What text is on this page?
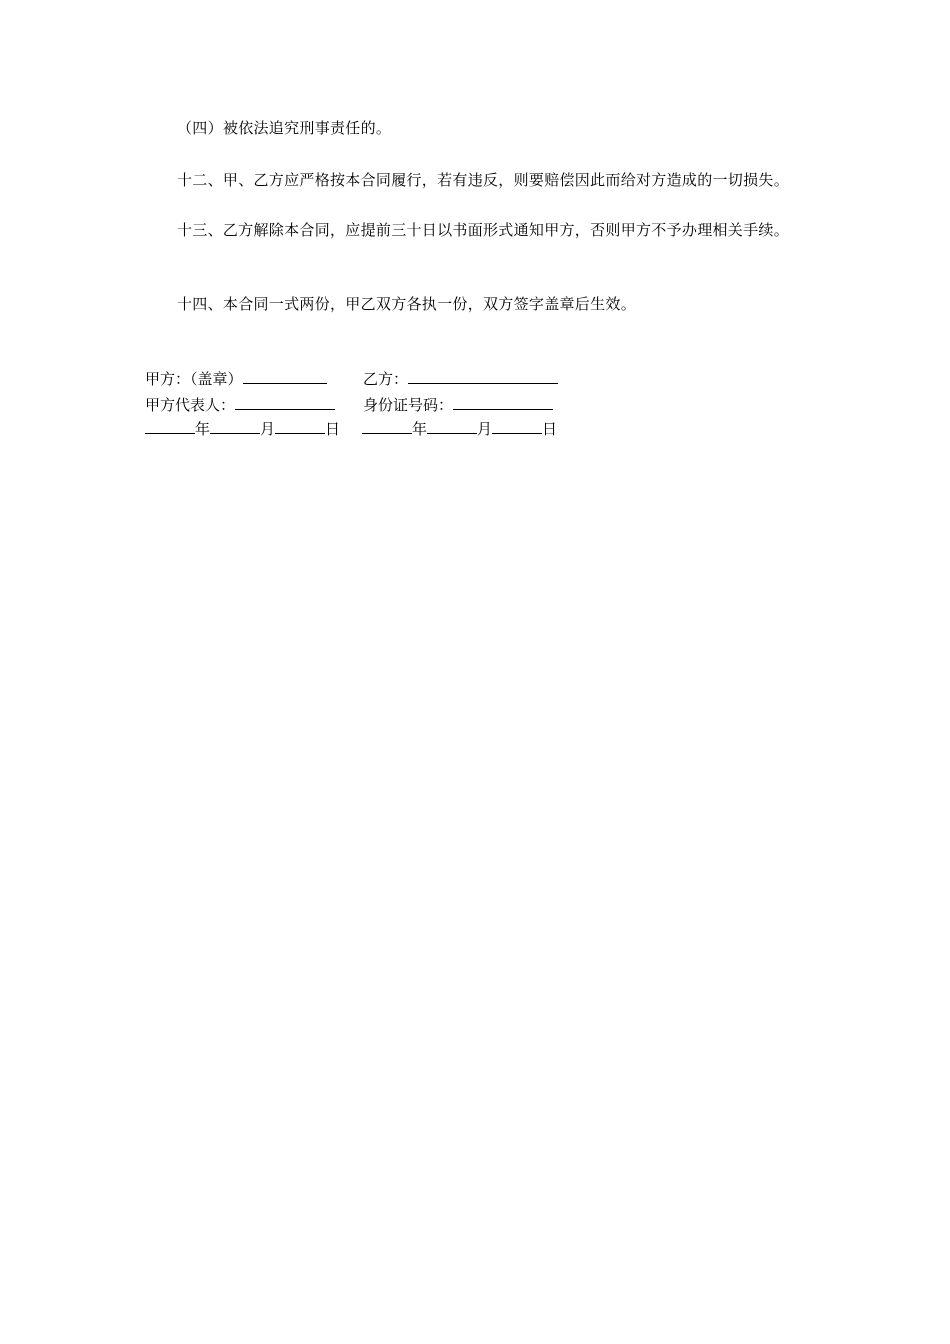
（四）被依法追究刑事责任的。
十二、甲、乙方应严格按本合同履行，若有违反，则要赔偿因此而给对方造成的一切损失。
十三、乙方解除本合同，应提前三十日以书面形式通知甲方，否则甲方不予办理相关手续。
十四、本合同一式两份，甲乙双方各执一份，双方签字盖章后生效。
甲方：（盖章）	乙方：
甲方代表人：	身份证号码：
年	月	日	年	月	日
